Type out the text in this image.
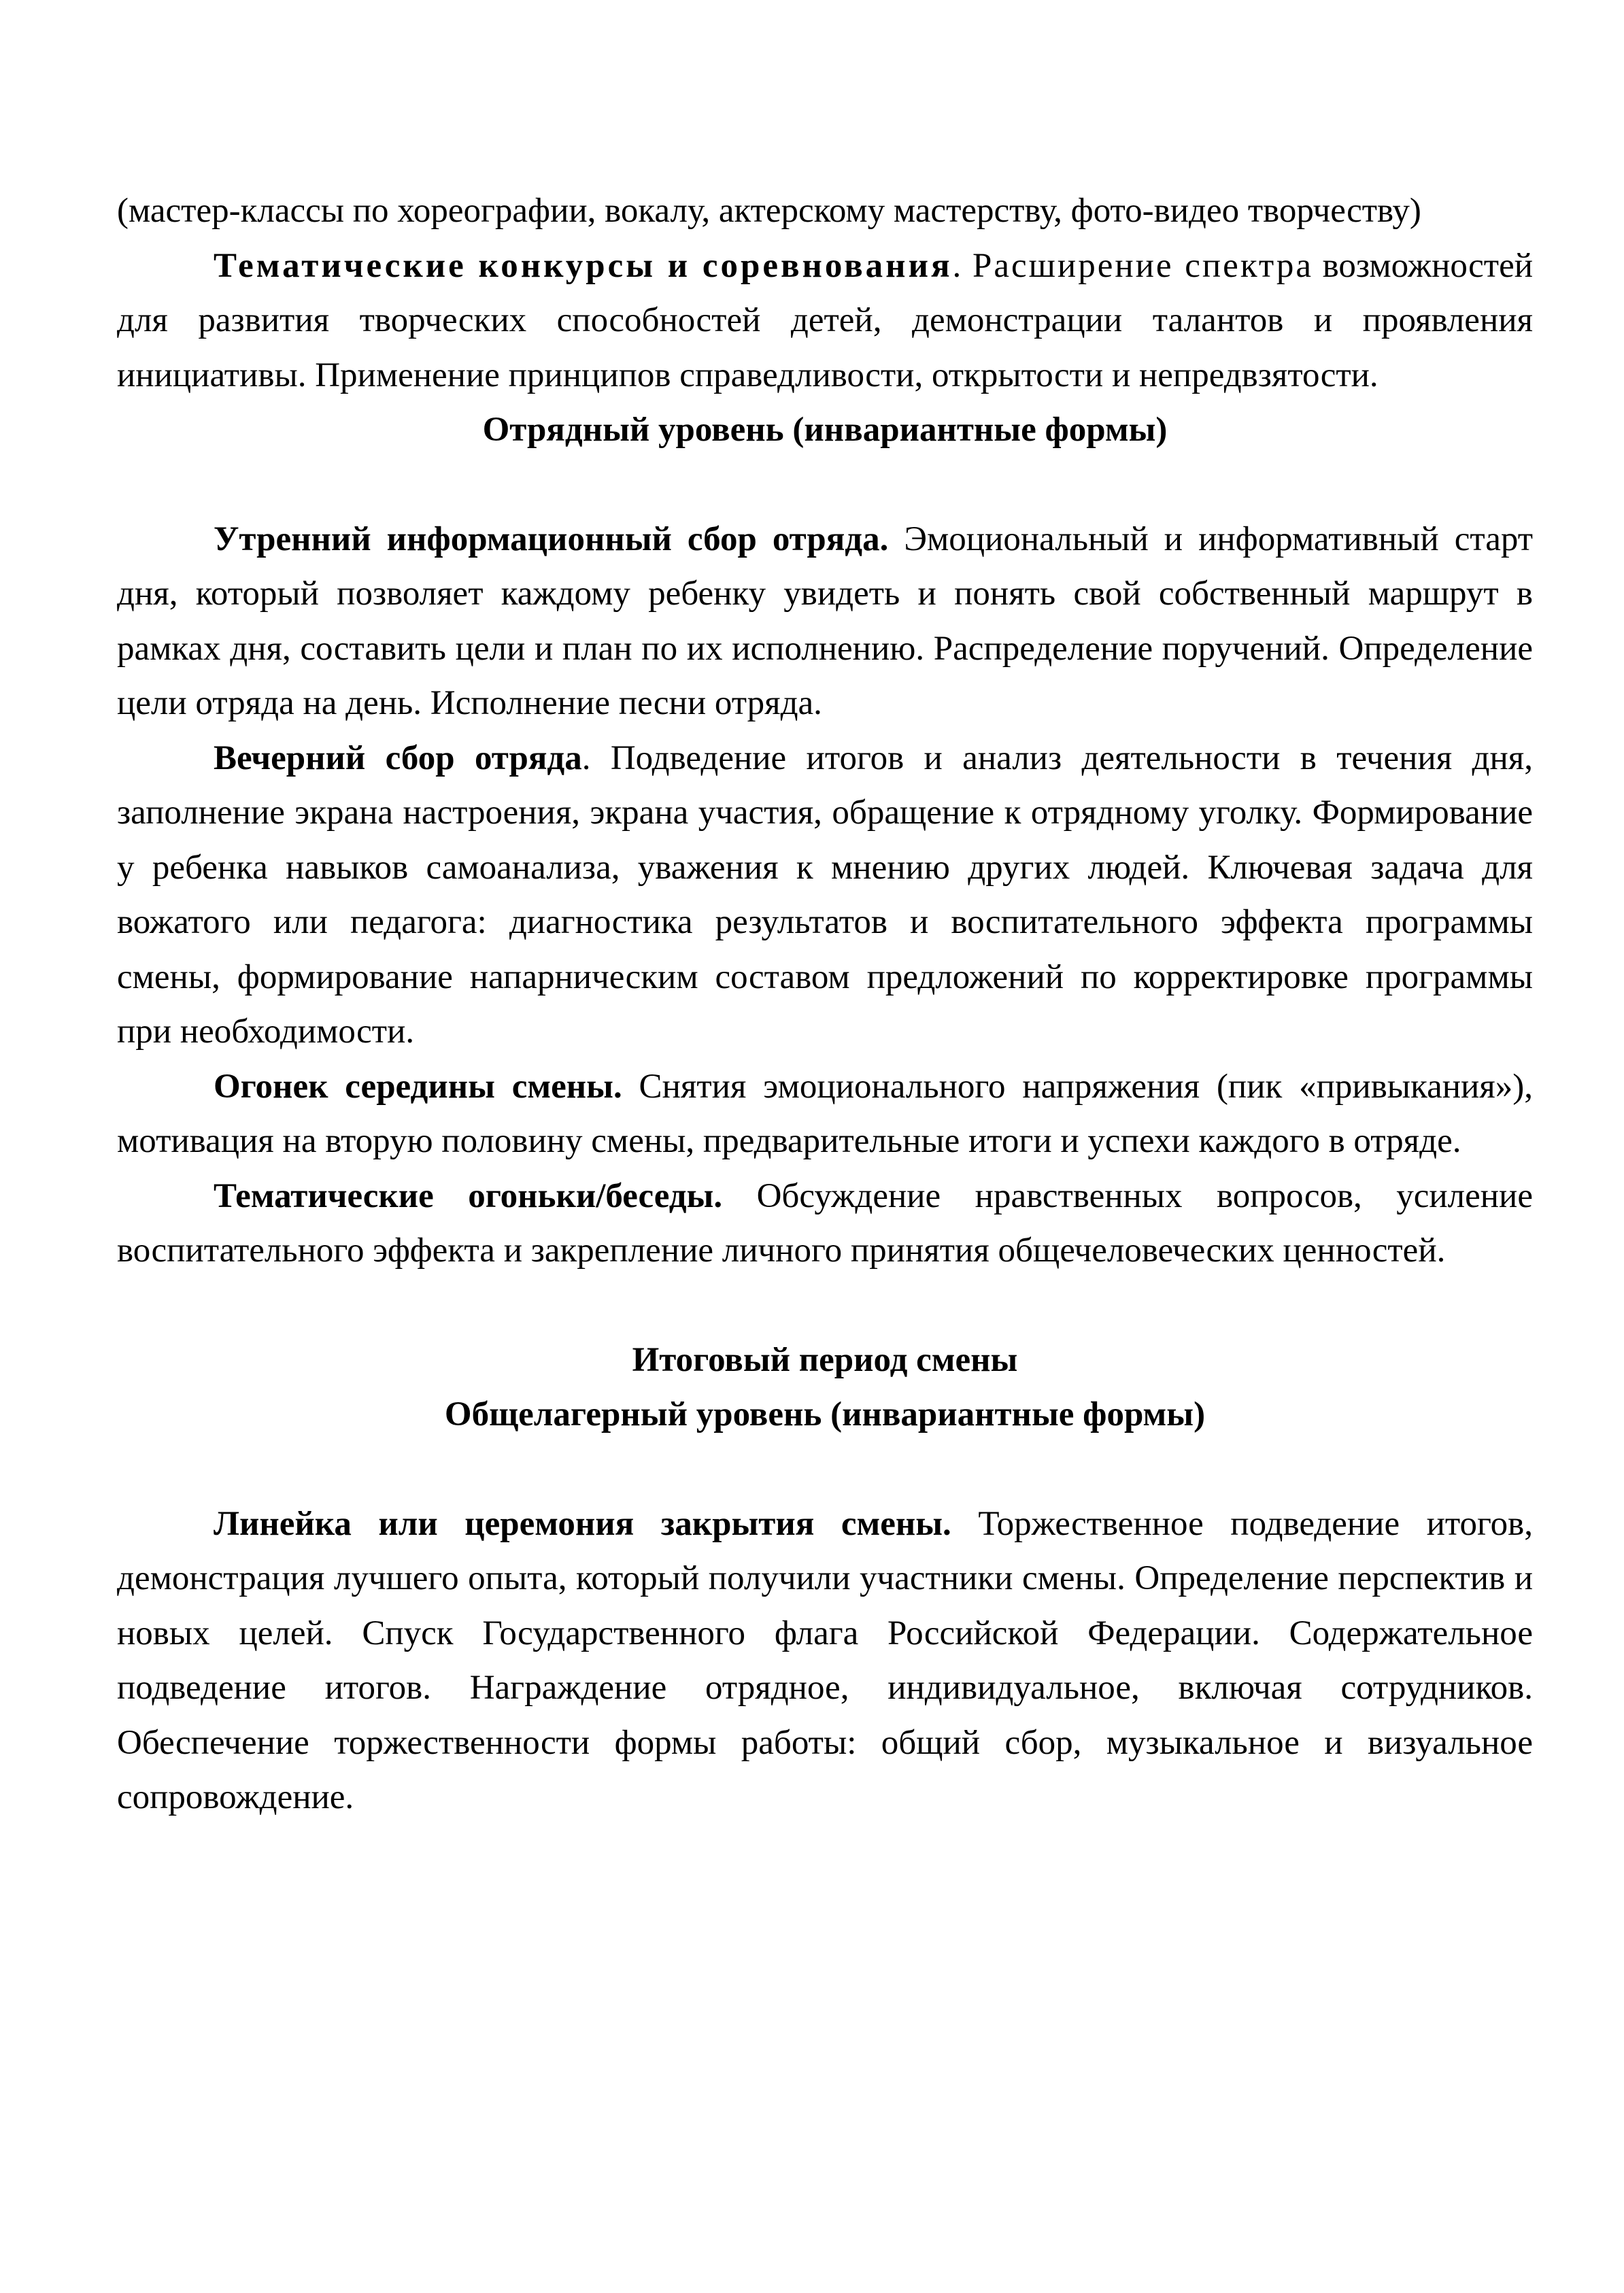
(мастер-классы по хореографии, вокалу, актерскому мастерству, фото-видео творчеству)

Тематические конкурсы и соревнования. Расширение спектра возможностей для развития творческих способностей детей, демонстрации талантов и проявления инициативы. Применение принципов справедливости, открытости и непредвзятости.

Отрядный уровень (инвариантные формы)

Утренний информационный сбор отряда. Эмоциональный и информативный старт дня, который позволяет каждому ребенку увидеть и понять свой собственный маршрут в рамках дня, составить цели и план по их исполнению. Распределение поручений. Определение цели отряда на день. Исполнение песни отряда.

Вечерний сбор отряда. Подведение итогов и анализ деятельности в течения дня, заполнение экрана настроения, экрана участия, обращение к отрядному уголку. Формирование у ребенка навыков самоанализа, уважения к мнению других людей. Ключевая задача для вожатого или педагога: диагностика результатов и воспитательного эффекта программы смены, формирование напарническим составом предложений по корректировке программы при необходимости.

Огонек середины смены. Снятия эмоционального напряжения (пик «привыкания»), мотивация на вторую половину смены, предварительные итоги и успехи каждого в отряде.

Тематические огоньки/беседы. Обсуждение нравственных вопросов, усиление воспитательного эффекта и закрепление личного принятия общечеловеческих ценностей.

Итоговый период смены

Общелагерный уровень (инвариантные формы)

Линейка или церемония закрытия смены. Торжественное подведение итогов, демонстрация лучшего опыта, который получили участники смены. Определение перспектив и новых целей. Спуск Государственного флага Российской Федерации. Содержательное подведение итогов. Награждение отрядное, индивидуальное, включая сотрудников. Обеспечение торжественности формы работы: общий сбор, музыкальное и визуальное сопровождение.
